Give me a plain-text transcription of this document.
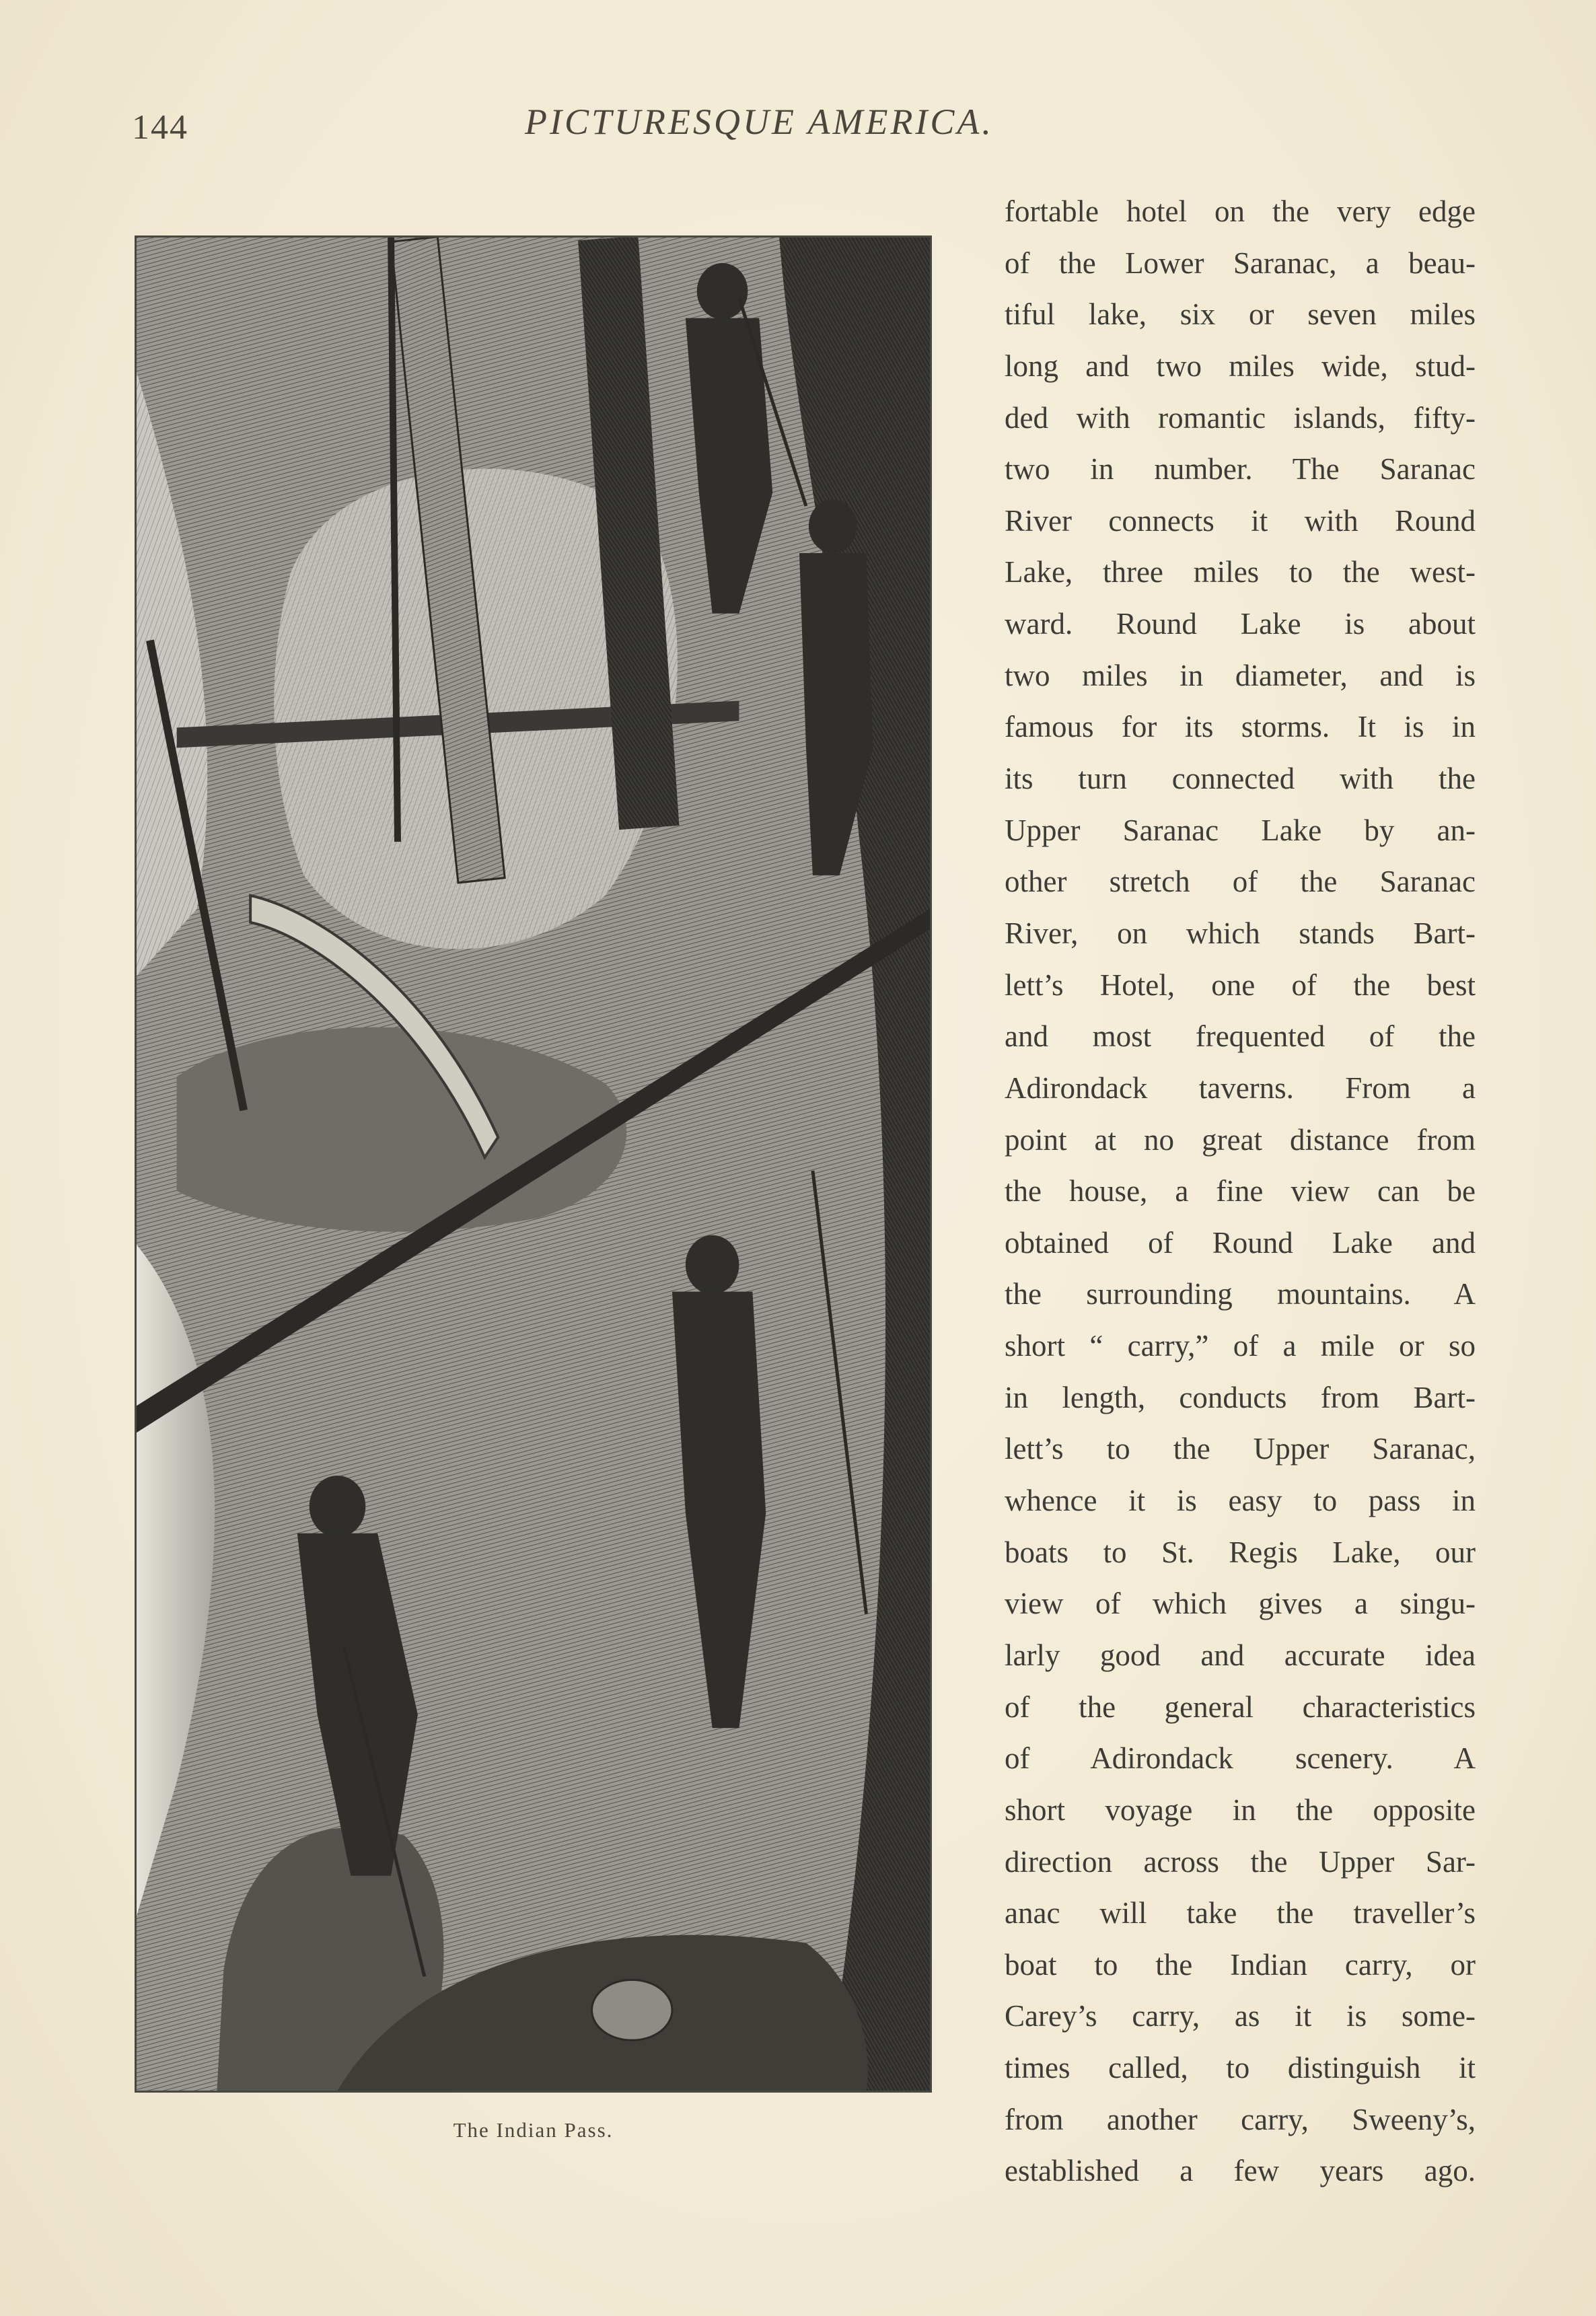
144	PICTURESQUE AMERICA.
The Indian Pass.
fortable hotel on the very edge
of the Lower Saranac, a beau-
tiful lake, six or seven miles
long and two miles wide, stud-
ded with romantic islands, fifty-
two in number. The Saranac
River connects it with Round
Lake, three miles to the west-
ward. Round Lake is about
two miles in diameter, and is
famous for its storms. It is in
its turn connected with the
Upper Saranac Lake by an-
other stretch of the Saranac
River, on which stands Bart-
lett’s Hotel, one of the best
and most frequented of the
Adirondack taverns. From a
point at no great distance from
the house, a fine view can be
obtained of Round Lake and
the surrounding mountains. A
short “ carry,” of a mile or so
in length, conducts from Bart-
lett’s to the Upper Saranac,
whence it is easy to pass in
boats to St. Regis Lake, our
view of which gives a singu-
larly good and accurate idea
of the general characteristics
of Adirondack scenery. A
short voyage in the opposite
direction across the Upper Sar-
anac will take the traveller’s
boat to the Indian carry, or
Carey’s carry, as it is some-
times called, to distinguish it
from another carry, Sweeny’s,
established a few years ago.
